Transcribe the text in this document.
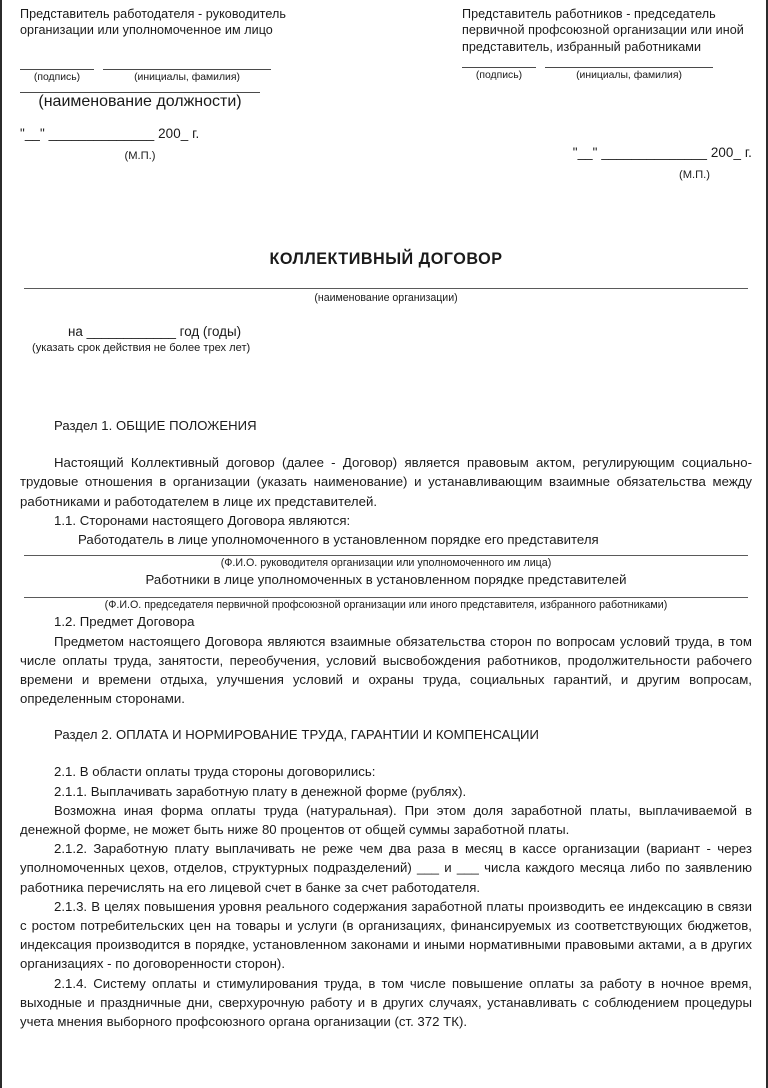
Представитель работодателя - руководитель организации или уполномоченное им лицо
(подпись)	(инициалы, фамилия)
(наименование должности)
"__" ______________ 200_ г.
(М.П.)
Представитель работников - председатель первичной профсоюзной организации или иной представитель, избранный работниками
(подпись)	(инициалы, фамилия)
"__" ______________ 200_ г.
(М.П.)
КОЛЛЕКТИВНЫЙ ДОГОВОР
(наименование организации)
на ____________ год (годы)
(указать срок действия не более трех лет)
Раздел 1. ОБЩИЕ ПОЛОЖЕНИЯ

Настоящий Коллективный договор (далее - Договор) является правовым актом, регулирующим социально-трудовые отношения в организации (указать наименование) и устанавливающим взаимные обязательства между работниками и работодателем в лице их представителей.

1.1. Сторонами настоящего Договора являются:

Работодатель в лице уполномоченного в установленном порядке его представителя

(Ф.И.О. руководителя организации или уполномоченного им лица)

Работники в лице уполномоченных в установленном порядке представителей

(Ф.И.О. председателя первичной профсоюзной организации или иного представителя, избранного работниками)

1.2. Предмет Договора

Предметом настоящего Договора являются взаимные обязательства сторон по вопросам условий труда, в том числе оплаты труда, занятости, переобучения, условий высвобождения работников, продолжительности рабочего времени и времени отдыха, улучшения условий и охраны труда, социальных гарантий, и другим вопросам, определенным сторонами.

Раздел 2. ОПЛАТА И НОРМИРОВАНИЕ ТРУДА, ГАРАНТИИ И КОМПЕНСАЦИИ

2.1. В области оплаты труда стороны договорились:

2.1.1. Выплачивать заработную плату в денежной форме (рублях).

Возможна иная форма оплаты труда (натуральная). При этом доля заработной платы, выплачиваемой в денежной форме, не может быть ниже 80 процентов от общей суммы заработной платы.

2.1.2. Заработную плату выплачивать не реже чем два раза в месяц в кассе организации (вариант - через уполномоченных цехов, отделов, структурных подразделений) ___ и ___ числа каждого месяца либо по заявлению работника перечислять на его лицевой счет в банке за счет работодателя.

2.1.3. В целях повышения уровня реального содержания заработной платы производить ее индексацию в связи с ростом потребительских цен на товары и услуги (в организациях, финансируемых из соответствующих бюджетов, индексация производится в порядке, установленном законами и иными нормативными правовыми актами, а в других организациях - по договоренности сторон).

2.1.4. Систему оплаты и стимулирования труда, в том числе повышение оплаты за работу в ночное время, выходные и праздничные дни, сверхурочную работу и в других случаях, устанавливать с соблюдением процедуры учета мнения выборного профсоюзного органа организации (ст. 372 ТК).
